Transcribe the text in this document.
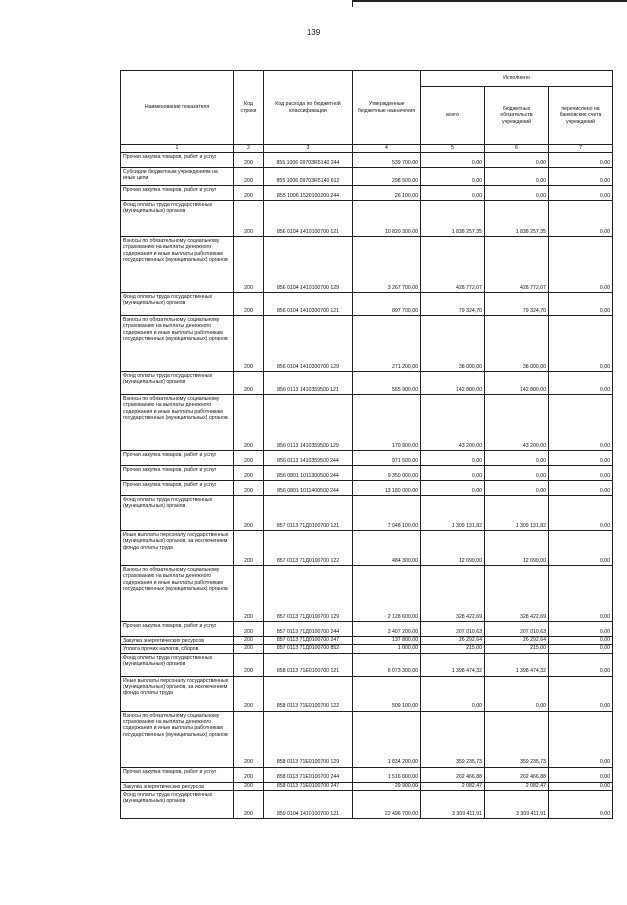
139
Наименование показателя	Код строки	Код расхода по бюджетной классификации	Утвержденные бюджетные назначения	Исполнено		
				всего	бюджетных обязательств учреждений	перечислено на банковские счета учреждений
1	2	3	4	5	6	7
Прочая закупка товаров, работ и услуг	200	855 1006 09703R5140 244	539 700,00	0,00	0,00	0,00
Субсидии бюджетным учреждениям на иные цели	200	855 1006 09703R5140 612	298 500,00	0,00	0,00	0,00
Прочая закупка товаров, работ и услуг	200	855 1006 1520100200 244	26 100,00	0,00	0,00	0,00
Фонд оплаты труда государственных (муниципальных) органов	200	856 0104 1410100700 121	10 820 300,00	1 838 257,35	1 838 257,35	0,00
Взносы по обязательному социальному страхованию на выплаты денежного содержания и иные выплаты работникам государственных (муниципальных) органов	200	856 0104 1410100700 129	3 267 700,00	428 772,07	428 772,07	0,00
Фонд оплаты труда государственных (муниципальных) органов	200	856 0104 1410300700 121	897 700,00	79 324,70	79 324,70	0,00
Взносы по обязательному социальному страхованию на выплаты денежного содержания и иные выплаты работникам государственных (муниципальных) органов	200	856 0104 1410300700 129	271 200,00	38 000,00	38 000,00	0,00
Фонд оплаты труда государственных (муниципальных) органов	200	856 0113 1410359500 121	565 900,00	142 800,00	142 800,00	0,00
Взносы по обязательному социальному страхованию на выплаты денежного содержания и иные выплаты работникам государственных (муниципальных) органов	200	856 0113 1410359500 129	170 900,00	43 200,00	43 200,00	0,00
Прочая закупка товаров, работ и услуг	200	856 0113 1410359500 244	971 500,00	0,00	0,00	0,00
Прочая закупка товаров, работ и услуг	200	856 0801 1011300500 244	9 350 000,00	0,00	0,00	0,00
Прочая закупка товаров, работ и услуг	200	856 0801 1011400500 244	13 180 000,00	0,00	0,00	0,00
Фонд оплаты труда государственных (муниципальных) органов	200	857 0113 71Д0100700 121	7 048 100,00	1 309 131,82	1 309 131,82	0,00
Иные выплаты персоналу государственных (муниципальных) органов, за исключением фонда оплаты труда	200	857 0113 71Д0100700 122	484 300,00	12 099,00	12 099,00	0,00
Взносы по обязательному социальному страхованию на выплаты денежного содержания и иные выплаты работникам государственных (муниципальных) органов	200	857 0113 71Д0100700 129	2 128 600,00	328 422,69	328 422,69	0,00
Прочая закупка товаров, работ и услуг	200	857 0113 71Д0100700 244	2 407 200,00	207 010,63	207 010,63	0,00
Закупка энергетических ресурсов	200	857 0113 71Д0100700 247	137 800,00	26 292,64	26 292,64	0,00
Уплата прочих налогов, сборов	200	857 0113 71Д0100700 852	1 000,00	215,00	215,00	0,00
Фонд оплаты труда государственных (муниципальных) органов	200	858 0113 71Е0100700 121	6 073 300,00	1 398 474,32	1 398 474,32	0,00
Иные выплаты персоналу государственных (муниципальных) органов, за исключением фонда оплаты труда	200	858 0113 71Е0100700 122	509 100,00	0,00	0,00	0,00
Взносы по обязательному социальному страхованию на выплаты денежного содержания и иные выплаты работникам государственных (муниципальных) органов	200	858 0113 71Е0100700 129	1 834 200,00	359 235,73	359 235,73	0,00
Прочая закупка товаров, работ и услуг	200	858 0113 71Е0100700 244	1 516 000,00	202 466,88	202 466,88	0,00
Закупка энергетических ресурсов	200	858 0113 71Е0100700 247	29 900,00	2 082,47	2 082,47	0,00
Фонд оплаты труда государственных (муниципальных) органов	200	859 0104 1410100700 121	22 496 700,00	3 309 411,91	3 309 411,91	0,00
